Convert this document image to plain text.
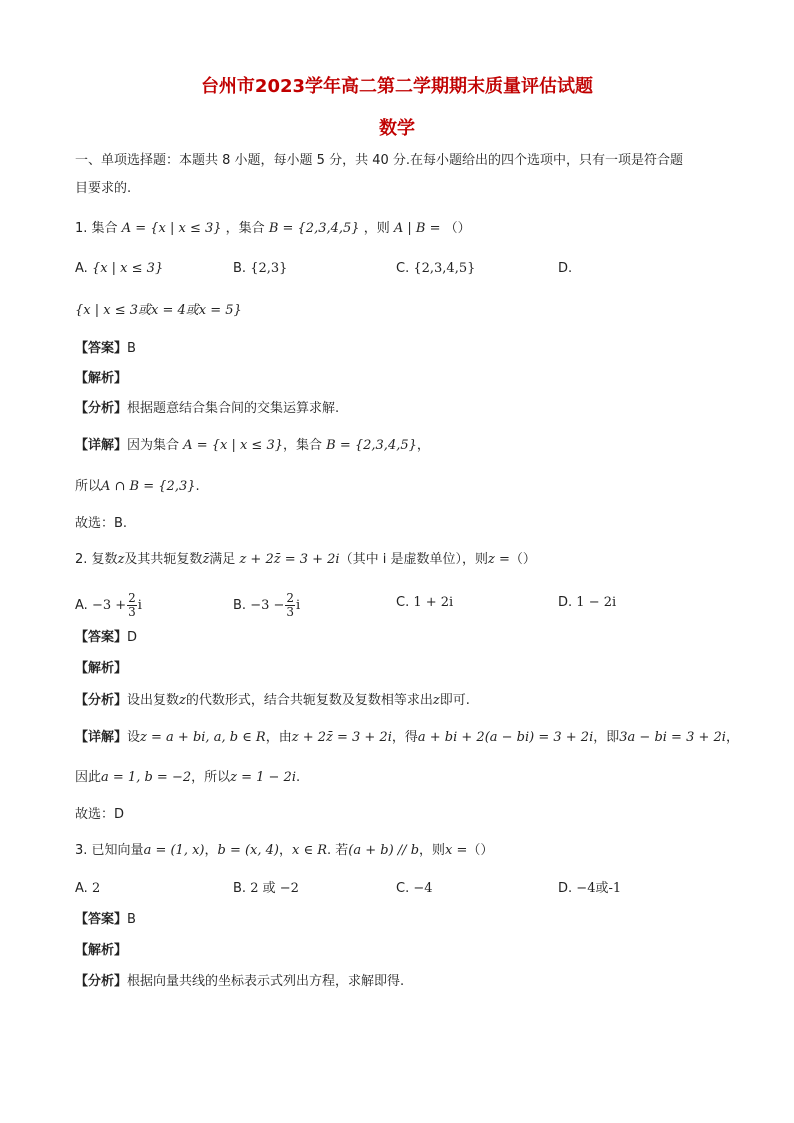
台州市2023学年高二第二学期期末质量评估试题
数学
一、单项选择题：本题共 8 小题，每小题 5 分，共 40 分.在每小题给出的四个选项中，只有一项是符合题
目要求的.
1. 集合 A = {x | x ≤ 3} ，集合 B = {2,3,4,5} ，则 A | B = （）
A. {x | x ≤ 3}	B. {2,3}	C. {2,3,4,5}	D.
{x | x ≤ 3或x = 4或x = 5}
【答案】B
【解析】
【分析】根据题意结合集合间的交集运算求解.
【详解】因为集合 A = {x | x ≤ 3}，集合 B = {2,3,4,5}，
所以A ∩ B = {2,3}.
故选：B.
2. 复数z及其共轭复数z̄满足 z + 2z̄ = 3 + 2i（其中 i 是虚数单位），则z =（）
A. $-3 + \frac{2}{3}$ i	B. $-3 - \frac{2}{3}$ i	C. 1 + 2i	D. 1 − 2i
【答案】D
【解析】
【分析】设出复数z的代数形式，结合共轭复数及复数相等求出z即可.
【详解】设z = a + bi, a, b ∈ R，由z + 2z̄ = 3 + 2i，得a + bi + 2(a − bi) = 3 + 2i，即3a − bi = 3 + 2i，
因此a = 1, b = −2，所以z = 1 − 2i.
故选：D
3. 已知向量a = (1, x)，b = (x, 4)，x ∈ R. 若(a + b) // b，则x =（）
A. 2	B. 2 或 −2	C. −4	D. −4或-1
【答案】B
【解析】
【分析】根据向量共线的坐标表示式列出方程，求解即得.
